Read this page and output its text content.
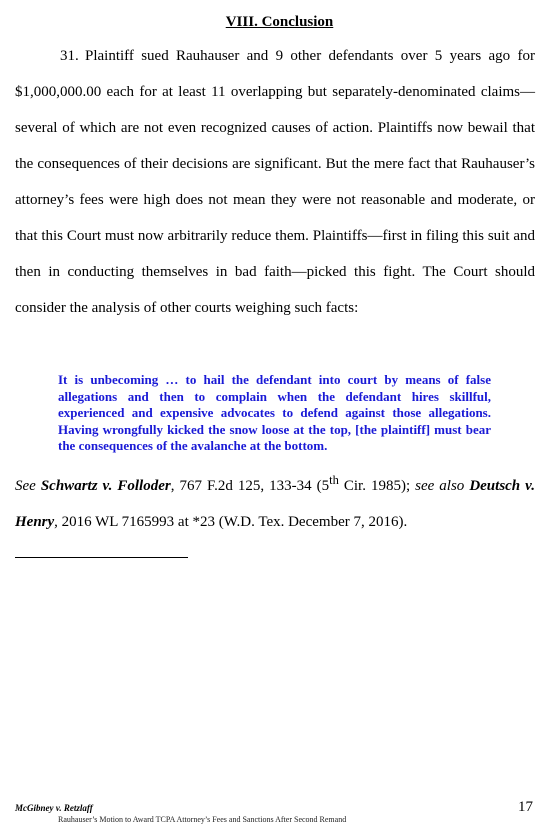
VIII. Conclusion

31. Plaintiff sued Rauhauser and 9 other defendants over 5 years ago for $1,000,000.00 each for at least 11 overlapping but separately-denominated claims—several of which are not even recognized causes of action. Plaintiffs now bewail that the consequences of their decisions are significant. But the mere fact that Rauhauser’s attorney’s fees were high does not mean they were not reasonable and moderate, or that this Court must now arbitrarily reduce them. Plaintiffs—first in filing this suit and then in conducting themselves in bad faith—picked this fight. The Court should consider the analysis of other courts weighing such facts:

It is unbecoming … to hail the defendant into court by means of false allegations and then to complain when the defendant hires skillful, experienced and expensive advocates to defend against those allegations. Having wrongfully kicked the snow loose at the top, [the plaintiff] must bear the consequences of the avalanche at the bottom.

See Schwartz v. Folloder, 767 F.2d 125, 133-34 (5th Cir. 1985); see also Deutsch v. Henry, 2016 WL 7165993 at *23 (W.D. Tex. December 7, 2016).

McGibney v. Retzlaff
Rauhauser’s Motion to Award TCPA Attorney’s Fees and Sanctions After Second Remand
17
